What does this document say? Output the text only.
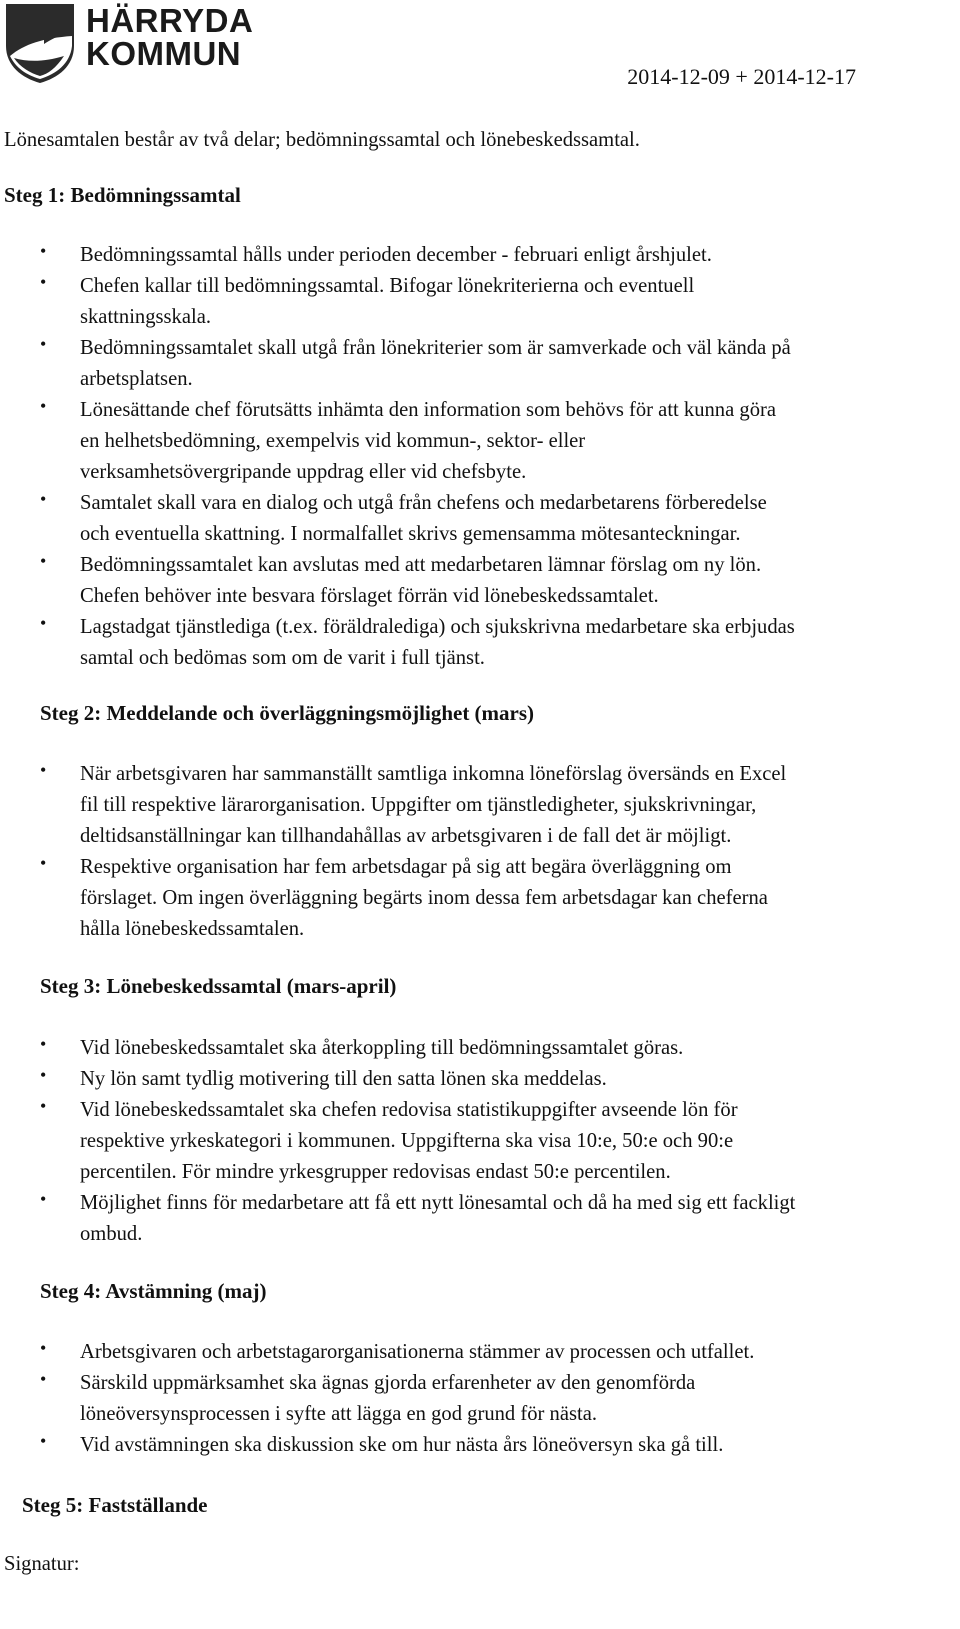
HÄRRYDA
KOMMUN
2014-12-09 + 2014-12-17
Lönesamtalen består av två delar; bedömningssamtal och lönebeskedssamtal.
Steg 1: Bedömningssamtal
• Bedömningssamtal hålls under perioden december - februari enligt årshjulet.
• Chefen kallar till bedömningssamtal. Bifogar lönekriterierna och eventuell
skattningsskala.
• Bedömningssamtalet skall utgå från lönekriterier som är samverkade och väl kända på
arbetsplatsen.
• Lönesättande chef förutsätts inhämta den information som behövs för att kunna göra
en helhetsbedömning, exempelvis vid kommun-, sektor- eller
verksamhetsövergripande uppdrag eller vid chefsbyte.
• Samtalet skall vara en dialog och utgå från chefens och medarbetarens förberedelse
och eventuella skattning. I normalfallet skrivs gemensamma mötesanteckningar.
• Bedömningssamtalet kan avslutas med att medarbetaren lämnar förslag om ny lön.
Chefen behöver inte besvara förslaget förrän vid lönebeskedssamtalet.
• Lagstadgat tjänstlediga (t.ex. föräldralediga) och sjukskrivna medarbetare ska erbjudas
samtal och bedömas som om de varit i full tjänst.
Steg 2: Meddelande och överläggningsmöjlighet (mars)
• När arbetsgivaren har sammanställt samtliga inkomna löneförslag översänds en Excel
fil till respektive lärarorganisation. Uppgifter om tjänstledigheter, sjukskrivningar,
deltidsanställningar kan tillhandahållas av arbetsgivaren i de fall det är möjligt.
• Respektive organisation har fem arbetsdagar på sig att begära överläggning om
förslaget. Om ingen överläggning begärts inom dessa fem arbetsdagar kan cheferna
hålla lönebeskedssamtalen.
Steg 3: Lönebeskedssamtal (mars-april)
• Vid lönebeskedssamtalet ska återkoppling till bedömningssamtalet göras.
• Ny lön samt tydlig motivering till den satta lönen ska meddelas.
• Vid lönebeskedssamtalet ska chefen redovisa statistikuppgifter avseende lön för
respektive yrkeskategori i kommunen. Uppgifterna ska visa 10:e, 50:e och 90:e
percentilen. För mindre yrkesgrupper redovisas endast 50:e percentilen.
• Möjlighet finns för medarbetare att få ett nytt lönesamtal och då ha med sig ett fackligt
ombud.
Steg 4: Avstämning (maj)
• Arbetsgivaren och arbetstagarorganisationerna stämmer av processen och utfallet.
• Särskild uppmärksamhet ska ägnas gjorda erfarenheter av den genomförda
löneöversynsprocessen i syfte att lägga en god grund för nästa.
• Vid avstämningen ska diskussion ske om hur nästa års löneöversyn ska gå till.
Steg 5: Fastställande
Signatur:
